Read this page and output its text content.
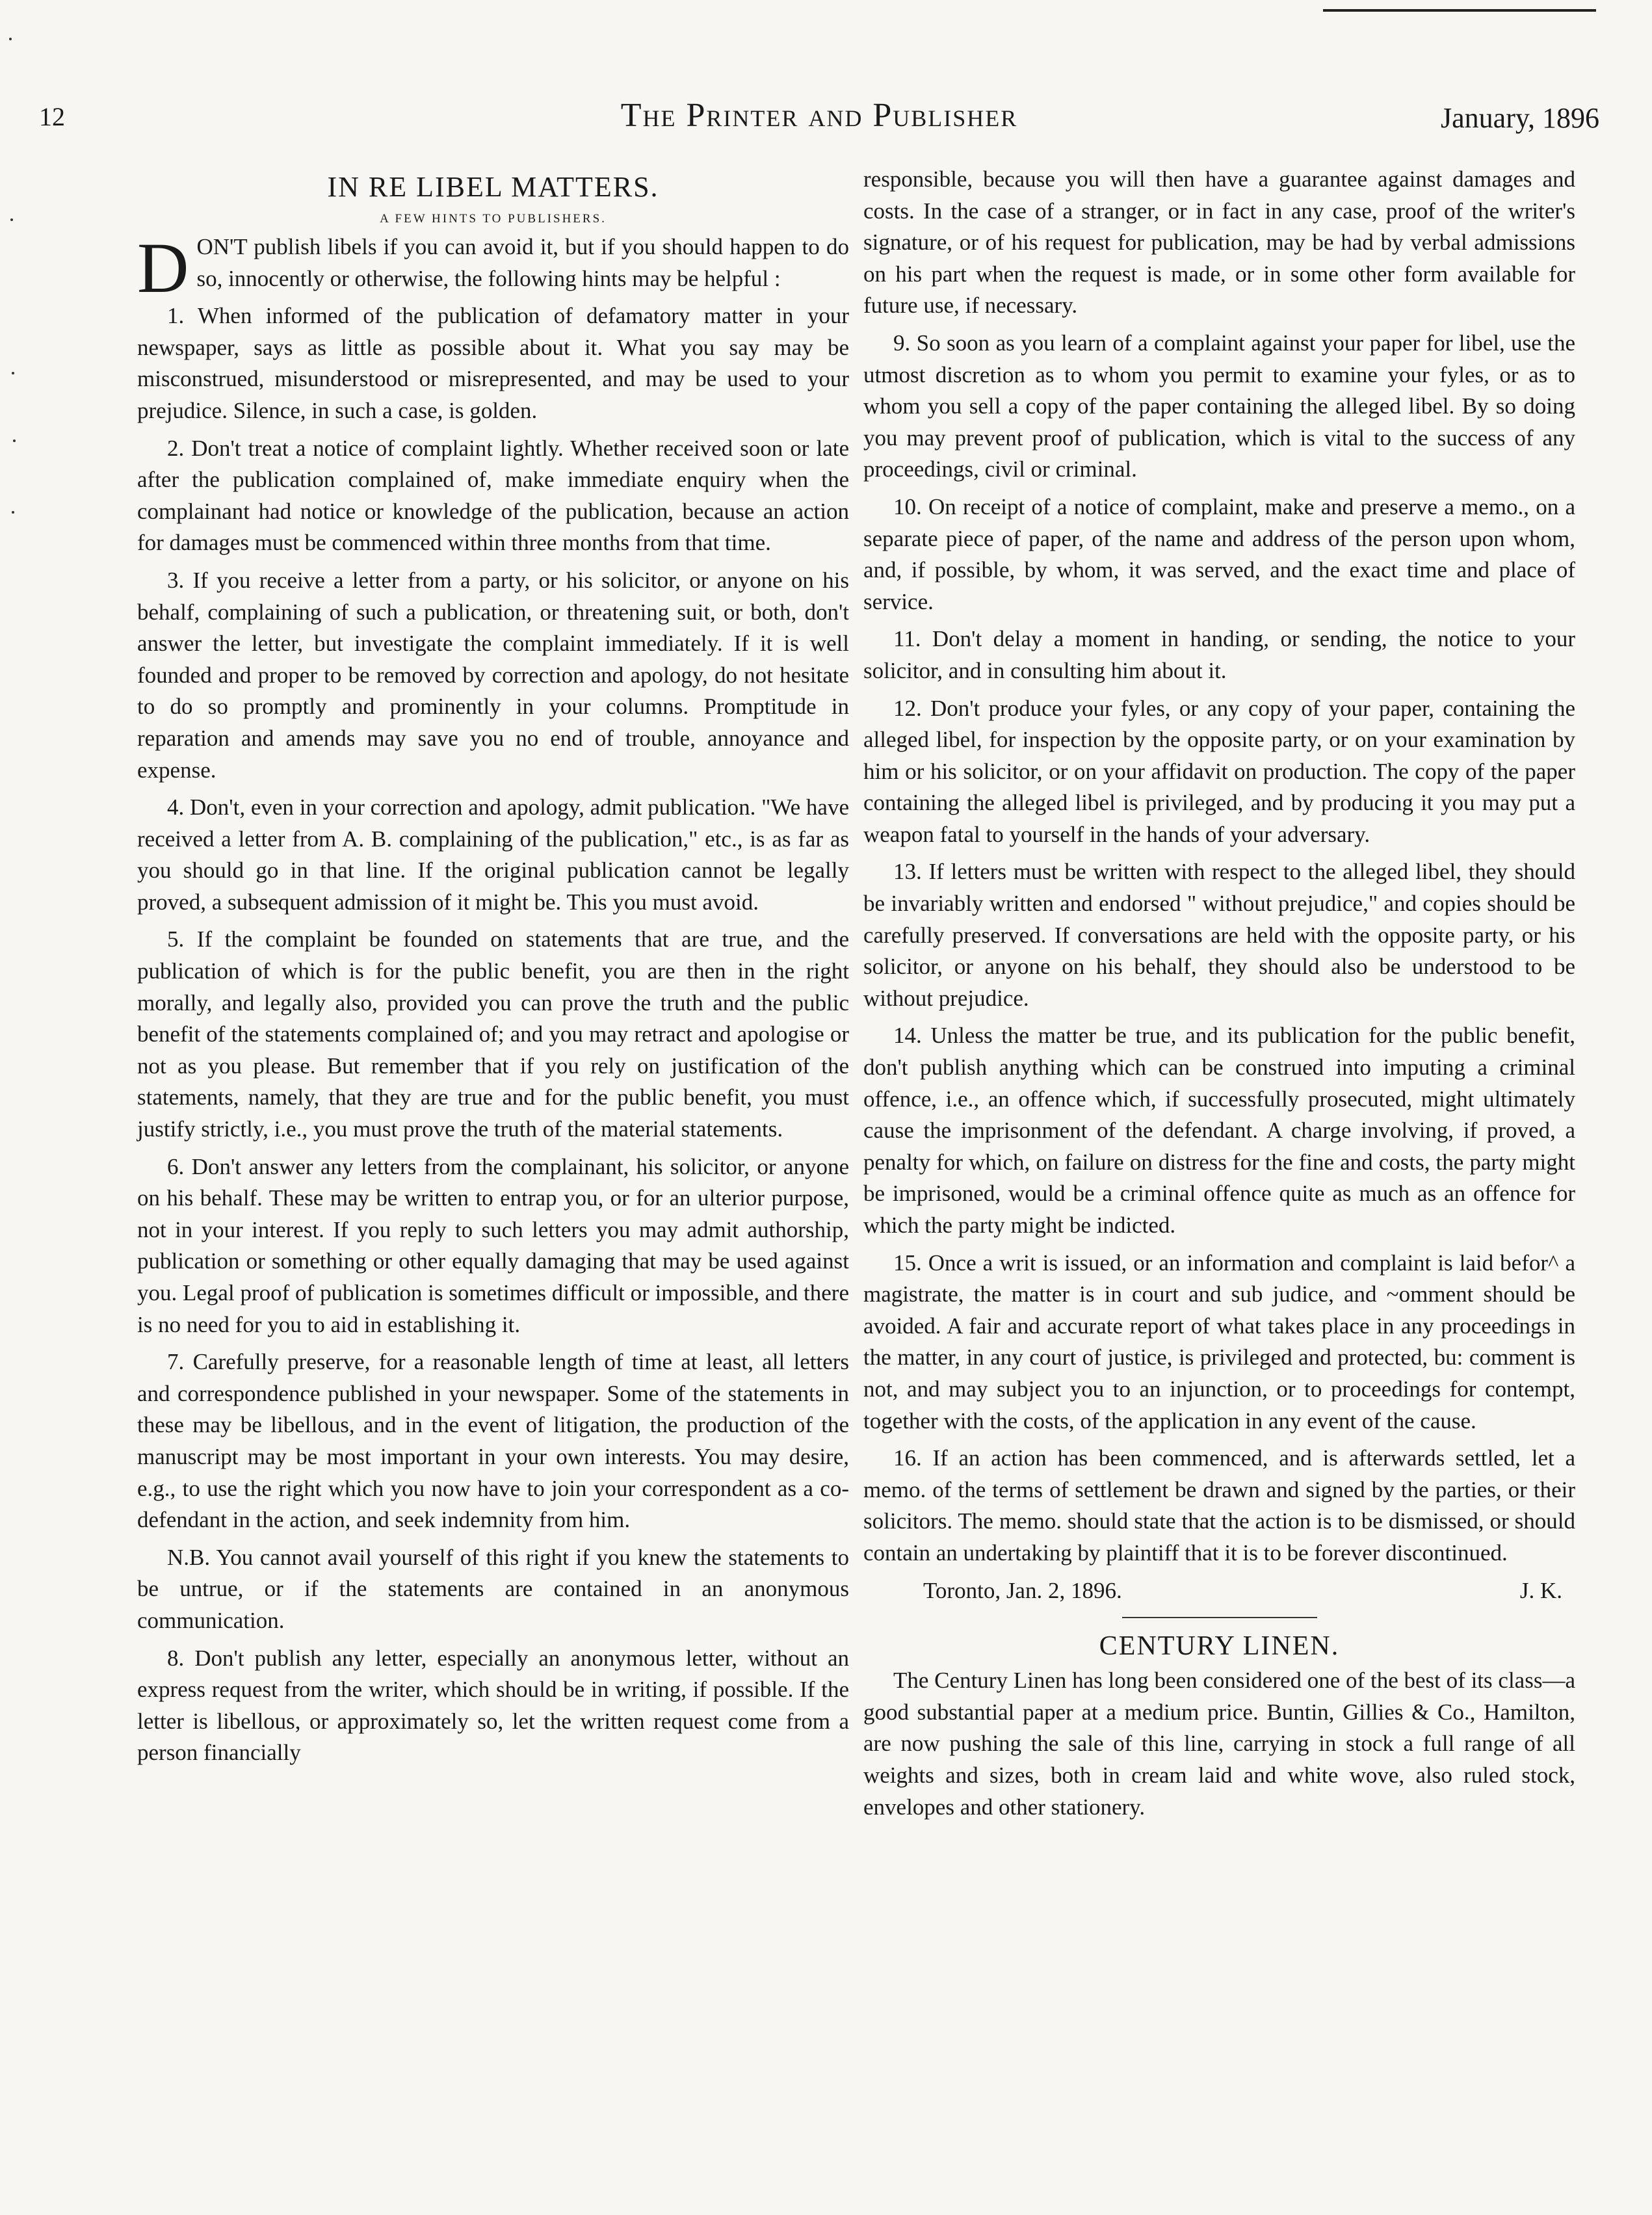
12	The Printer and Publisher	January, 1896
IN RE LIBEL MATTERS.
A FEW HINTS TO PUBLISHERS.

DON'T publish libels if you can avoid it, but if you should happen to do so, innocently or otherwise, the following hints may be helpful :

1. When informed of the publication of defamatory matter in your newspaper, says as little as possible about it. What you say may be misconstrued, misunderstood or misrepresented, and may be used to your prejudice. Silence, in such a case, is golden.

2. Don't treat a notice of complaint lightly. Whether received soon or late after the publication complained of, make immediate enquiry when the complainant had notice or knowledge of the publication, because an action for damages must be commenced within three months from that time.

3. If you receive a letter from a party, or his solicitor, or anyone on his behalf, complaining of such a publication, or threatening suit, or both, don't answer the letter, but investigate the complaint immediately. If it is well founded and proper to be removed by correction and apology, do not hesitate to do so promptly and prominently in your columns. Promptitude in reparation and amends may save you no end of trouble, annoyance and expense.

4. Don't, even in your correction and apology, admit publication. "We have received a letter from A. B. complaining of the publication," etc., is as far as you should go in that line. If the original publication cannot be legally proved, a subsequent admission of it might be. This you must avoid.

5. If the complaint be founded on statements that are true, and the publication of which is for the public benefit, you are then in the right morally, and legally also, provided you can prove the truth and the public benefit of the statements complained of; and you may retract and apologise or not as you please. But remember that if you rely on justification of the statements, namely, that they are true and for the public benefit, you must justify strictly, i.e., you must prove the truth of the material statements.

6. Don't answer any letters from the complainant, his solicitor, or anyone on his behalf. These may be written to entrap you, or for an ulterior purpose, not in your interest. If you reply to such letters you may admit authorship, publication or something or other equally damaging that may be used against you. Legal proof of publication is sometimes difficult or impossible, and there is no need for you to aid in establishing it.

7. Carefully preserve, for a reasonable length of time at least, all letters and correspondence published in your newspaper. Some of the statements in these may be libellous, and in the event of litigation, the production of the manuscript may be most important in your own interests. You may desire, e.g., to use the right which you now have to join your correspondent as a co-defendant in the action, and seek indemnity from him.

N.B. You cannot avail yourself of this right if you knew the statements to be untrue, or if the statements are contained in an anonymous communication.

8. Don't publish any letter, especially an anonymous letter, without an express request from the writer, which should be in writing, if possible. If the letter is libellous, or approximately so, let the written request come from a person financially

responsible, because you will then have a guarantee against damages and costs. In the case of a stranger, or in fact in any case, proof of the writer's signature, or of his request for publication, may be had by verbal admissions on his part when the request is made, or in some other form available for future use, if necessary.

9. So soon as you learn of a complaint against your paper for libel, use the utmost discretion as to whom you permit to examine your fyles, or as to whom you sell a copy of the paper containing the alleged libel. By so doing you may prevent proof of publication, which is vital to the success of any proceedings, civil or criminal.

10. On receipt of a notice of complaint, make and preserve a memo., on a separate piece of paper, of the name and address of the person upon whom, and, if possible, by whom, it was served, and the exact time and place of service.

11. Don't delay a moment in handing, or sending, the notice to your solicitor, and in consulting him about it.

12. Don't produce your fyles, or any copy of your paper, containing the alleged libel, for inspection by the opposite party, or on your examination by him or his solicitor, or on your affidavit on production. The copy of the paper containing the alleged libel is privileged, and by producing it you may put a weapon fatal to yourself in the hands of your adversary.

13. If letters must be written with respect to the alleged libel, they should be invariably written and endorsed " without prejudice," and copies should be carefully preserved. If conversations are held with the opposite party, or his solicitor, or anyone on his behalf, they should also be understood to be without prejudice.

14. Unless the matter be true, and its publication for the public benefit, don't publish anything which can be construed into imputing a criminal offence, i.e., an offence which, if successfully prosecuted, might ultimately cause the imprisonment of the defendant. A charge involving, if proved, a penalty for which, on failure on distress for the fine and costs, the party might be imprisoned, would be a criminal offence quite as much as an offence for which the party might be indicted.

15. Once a writ is issued, or an information and complaint is laid befor^ a magistrate, the matter is in court and sub judice, and ~omment should be avoided. A fair and accurate report of what takes place in any proceedings in the matter, in any court of justice, is privileged and protected, bu: comment is not, and may subject you to an injunction, or to proceedings for contempt, together with the costs, of the application in any event of the cause.

16. If an action has been commenced, and is afterwards settled, let a memo. of the terms of settlement be drawn and signed by the parties, or their solicitors. The memo. should state that the action is to be dismissed, or should contain an undertaking by plaintiff that it is to be forever discontinued.

Toronto, Jan. 2, 1896.	J. K.

CENTURY LINEN.

The Century Linen has long been considered one of the best of its class—a good substantial paper at a medium price. Buntin, Gillies & Co., Hamilton, are now pushing the sale of this line, carrying in stock a full range of all weights and sizes, both in cream laid and white wove, also ruled stock, envelopes and other stationery.
